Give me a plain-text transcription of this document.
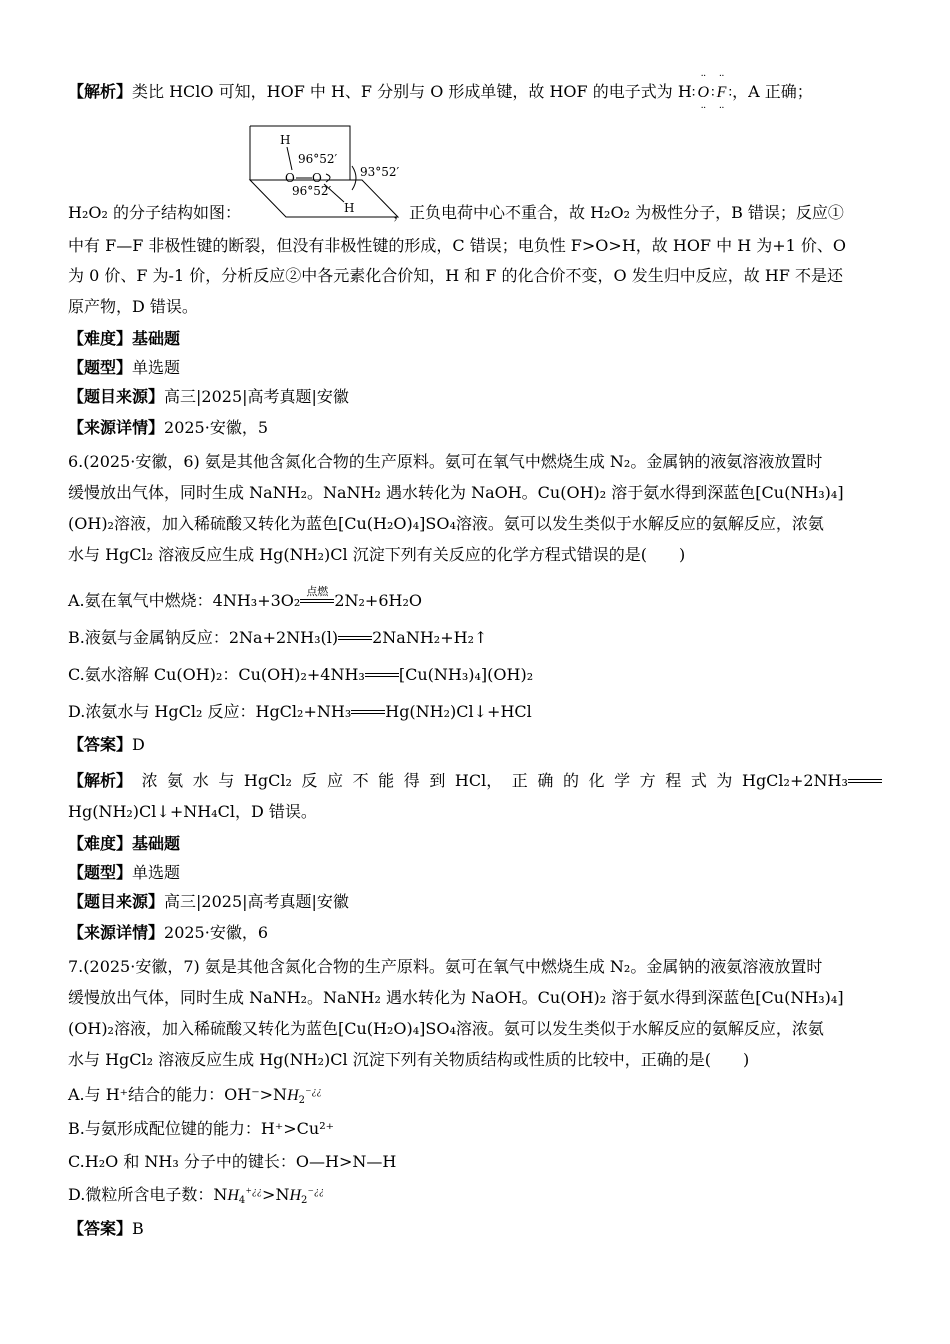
【解析】类比 HClO 可知，HOF 中 H、F 分别与 O 形成单键，故 HOF 的电子式为 H∶
··
O
··
∶
··
F
··
∶，A 正确；
H
96°52′
O O	93°52′
96°52′
H
H₂O₂ 的分子结构如图：	，正负电荷中心不重合，故 H₂O₂ 为极性分子，B 错误；反应①
中有 F—F 非极性键的断裂，但没有非极性键的形成，C 错误；电负性 F>O>H，故 HOF 中 H 为+1 价、O
为 0 价、F 为-1 价，分析反应②中各元素化合价知，H 和 F 的化合价不变，O 发生归中反应，故 HF 不是还
原产物，D 错误。
【难度】基础题
【题型】单选题
【题目来源】高三|2025|高考真题|安徽
【来源详情】2025·安徽，5
6.(2025·安徽，6) 氨是其他含氮化合物的生产原料。氨可在氧气中燃烧生成 N₂。金属钠的液氨溶液放置时
缓慢放出气体，同时生成 NaNH₂。NaNH₂ 遇水转化为 NaOH。Cu(OH)₂ 溶于氨水得到深蓝色[Cu(NH₃)₄]
(OH)₂溶液，加入稀硫酸又转化为蓝色[Cu(H₂O)₄]SO₄溶液。氨可以发生类似于水解反应的氨解反应，浓氨
水与 HgCl₂ 溶液反应生成 Hg(NH₂)Cl 沉淀下列有关反应的化学方程式错误的是(　　)
A.氨在氧气中燃烧：4NH₃+3O₂ 点燃 2N₂+6H₂O
B.液氨与金属钠反应：2Na+2NH₃(l) 2NaNH₂+H₂↑
C.氨水溶解 Cu(OH)₂：Cu(OH)₂+4NH₃ [Cu(NH₃)₄](OH)₂
D.浓氨水与 HgCl₂ 反应：HgCl₂+NH₃ Hg(NH₂)Cl↓+HCl
【答案】D
【解析】 浓 氨 水 与 HgCl₂ 反 应 不 能 得 到 HCl， 正 确 的 化 学 方 程 式 为 HgCl₂+2NH₃
Hg(NH₂)Cl↓+NH₄Cl，D 错误。
【难度】基础题
【题型】单选题
【题目来源】高三|2025|高考真题|安徽
【来源详情】2025·安徽，6
7.(2025·安徽，7) 氨是其他含氮化合物的生产原料。氨可在氧气中燃烧生成 N₂。金属钠的液氨溶液放置时
缓慢放出气体，同时生成 NaNH₂。NaNH₂ 遇水转化为 NaOH。Cu(OH)₂ 溶于氨水得到深蓝色[Cu(NH₃)₄]
(OH)₂溶液，加入稀硫酸又转化为蓝色[Cu(H₂O)₄]SO₄溶液。氨可以发生类似于水解反应的氨解反应，浓氨
水与 HgCl₂ 溶液反应生成 Hg(NH₂)Cl 沉淀下列有关物质结构或性质的比较中，正确的是(　　)
A.与 H⁺结合的能力：$OH^->NH_2^{-¿¿}$
B.与氨形成配位键的能力：H⁺>Cu²⁺
C.H₂O 和 NH₃ 分子中的键长：O—H>N—H
D.微粒所含电子数：$NH_4^{+¿¿}>NH_2^{-¿¿}$
【答案】B
